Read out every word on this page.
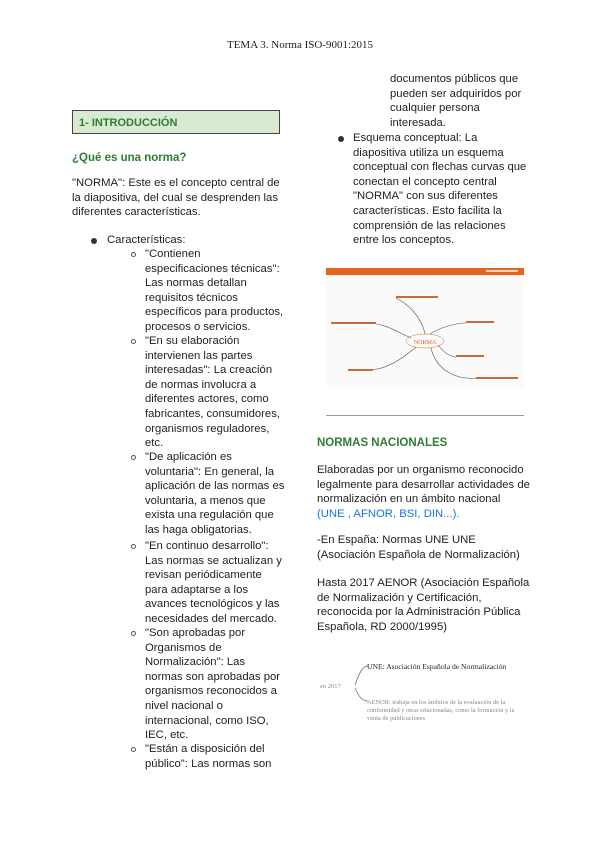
TEMA 3. Norma ISO-9001:2015
1- INTRODUCCIÓN
¿Qué es una norma?
"NORMA": Este es el concepto central de
la diapositiva, del cual se desprenden las
diferentes características.
Características:
"Contienen
especificaciones técnicas":
Las normas detallan
requisitos técnicos
específicos para productos,
procesos o servicios.
"En su elaboración
intervienen las partes
interesadas": La creación
de normas involucra a
diferentes actores, como
fabricantes, consumidores,
organismos reguladores,
etc.
"De aplicación es
voluntaria": En general, la
aplicación de las normas es
voluntaria, a menos que
exista una regulación que
las haga obligatorias.
"En continuo desarrollo":
Las normas se actualizan y
revisan periódicamente
para adaptarse a los
avances tecnológicos y las
necesidades del mercado.
"Son aprobadas por
Organismos de
Normalización": Las
normas son aprobadas por
organismos reconocidos a
nivel nacional o
internacional, como ISO,
IEC, etc.
"Están a disposición del
público": Las normas son
documentos públicos que
pueden ser adquiridos por
cualquier persona
interesada.
Esquema conceptual: La
diapositiva utiliza un esquema
conceptual con flechas curvas que
conectan el concepto central
"NORMA" con sus diferentes
características. Esto facilita la
comprensión de las relaciones
entre los conceptos.
NORMA
NORMAS NACIONALES
Elaboradas por un organismo reconocido
legalmente para desarrollar actividades de
normalización en un ámbito nacional
(UNE , AFNOR, BSI, DIN...).
-En España: Normas UNE UNE
(Asociación Española de Normalización)
Hasta 2017 AENOR (Asociación Española
de Normalización y Certificación,
reconocida por la Administración Pública
Española, RD 2000/1995)
UNE: Asociación Española de Normalización
en 2017
AENOR: trabaja en los ámbitos de la evaluación de la
conformidad y otras relacionadas, como la formación y la
venta de publicaciones
